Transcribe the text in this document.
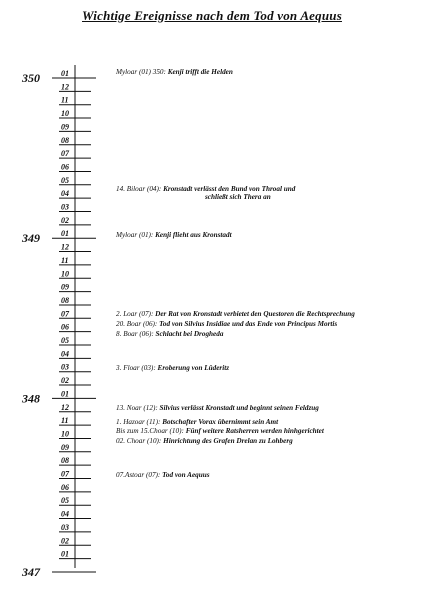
Wichtige Ereignisse nach dem Tod von Aequus
350	01
12
11
10
09
08
07
06
05
04
03
02
349	01
12
11
10
09
08
07
06
05
04
03
02
348	01
12
11
10
09
08
07
06
05
04
03
02
01
347
Myloar (01) 350: Kenji trifft die Helden
14. Biloar (04): Kronstadt verlässt den Bund von Throal und
schließt sich Thera an
Myloar (01): Kenji flieht aus Kronstadt
2. Loar (07): Der Rat von Kronstadt verbietet den Questoren die Rechtsprechung
20. Boar (06): Tod von Silvius Insidiae und das Ende von Principus Mortis
8. Boar (06): Schlacht bei Drogheda
3. Floar (03): Eroberung von Lüderitz
13. Noar (12): Silvius verlässt Kronstadt und beginnt seinen Feldzug
1. Hazoar (11): Botschafter Vorax übernimmt sein Amt
Bis zum 15.Choar (10): Fünf weitere Ratsherren werden hinhgerichtet
02. Choar (10): Hinrichtung des Grafen Drelan zu Lohberg
07.Astoar (07): Tod von Aequus
